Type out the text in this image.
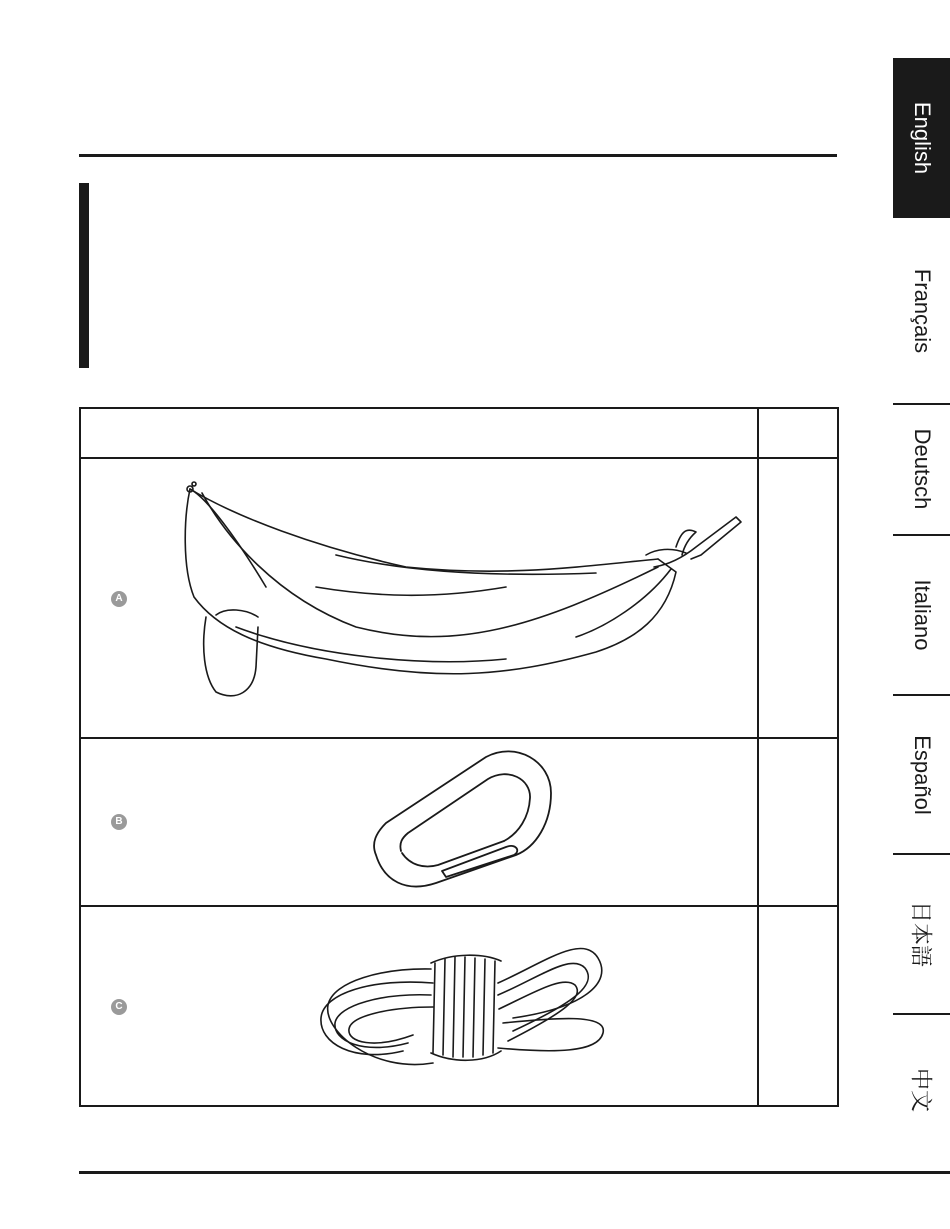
A
B
C
English
Français
Deutsch
Italiano
Español
日本語
中文
